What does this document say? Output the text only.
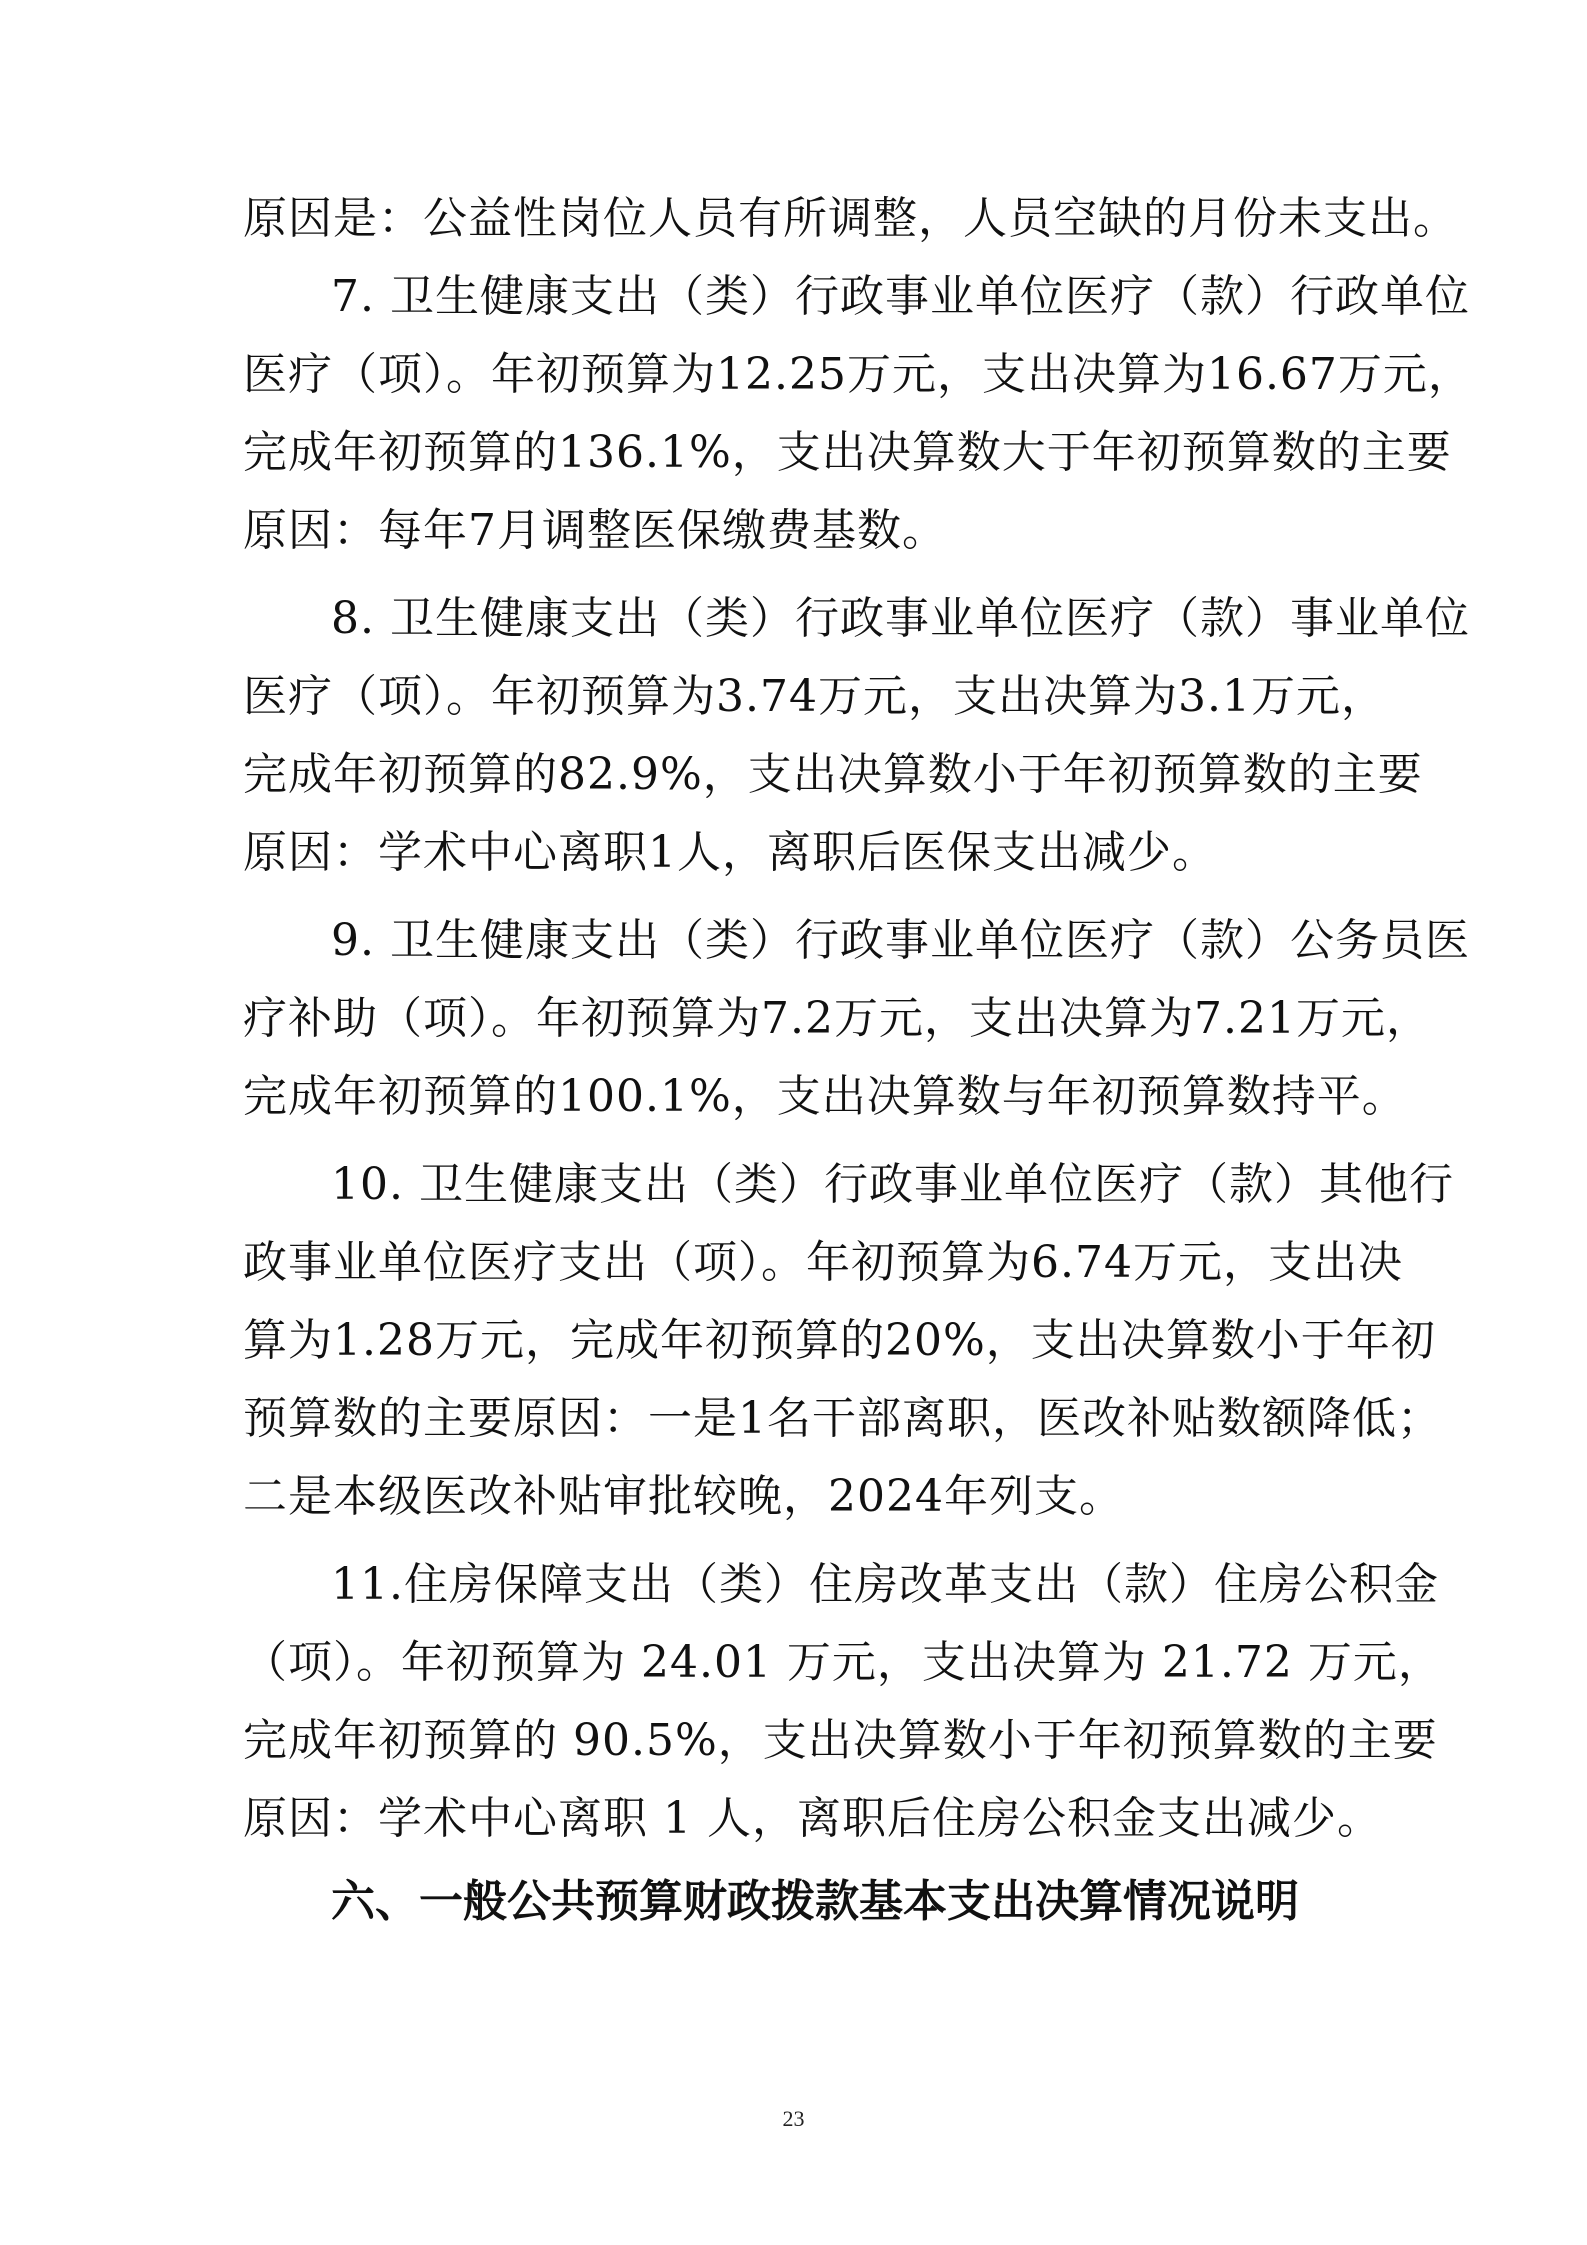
原因是：公益性岗位人员有所调整，人员空缺的月份未支出。
7. 卫生健康支出（类）行政事业单位医疗（款）行政单位
医疗（项）。年初预算为12.25万元，支出决算为16.67万元，
完成年初预算的136.1%，支出决算数大于年初预算数的主要
原因：每年7月调整医保缴费基数。
8. 卫生健康支出（类）行政事业单位医疗（款）事业单位
医疗（项）。年初预算为3.74万元，支出决算为3.1万元，
完成年初预算的82.9%，支出决算数小于年初预算数的主要
原因：学术中心离职1人，离职后医保支出减少。
9. 卫生健康支出（类）行政事业单位医疗（款）公务员医
疗补助（项）。年初预算为7.2万元，支出决算为7.21万元，
完成年初预算的100.1%，支出决算数与年初预算数持平。
10. 卫生健康支出（类）行政事业单位医疗（款）其他行
政事业单位医疗支出（项）。年初预算为6.74万元，支出决
算为1.28万元，完成年初预算的20%，支出决算数小于年初
预算数的主要原因：一是1名干部离职，医改补贴数额降低；
二是本级医改补贴审批较晚，2024年列支。
11.住房保障支出（类）住房改革支出（款）住房公积金
（项）。年初预算为 24.01 万元，支出决算为 21.72 万元，
完成年初预算的 90.5%，支出决算数小于年初预算数的主要
原因：学术中心离职 1 人，离职后住房公积金支出减少。
六、一般公共预算财政拨款基本支出决算情况说明
23
